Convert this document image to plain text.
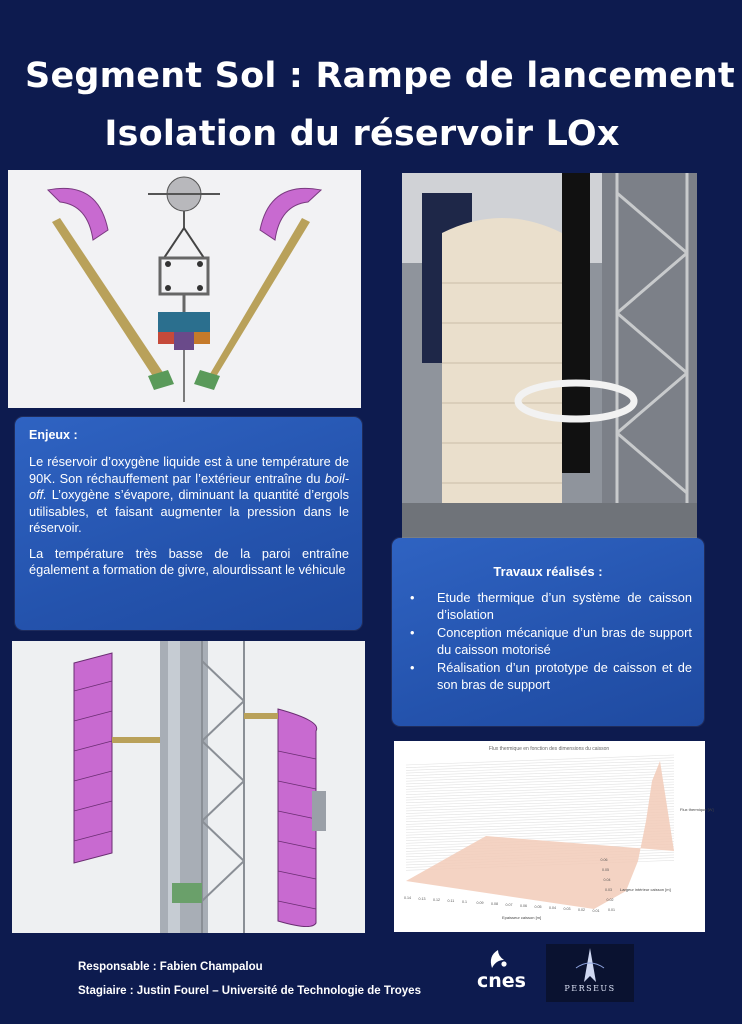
Segment Sol : Rampe de lancement
Isolation du réservoir LOx
Enjeux :

Le réservoir d’oxygène liquide est à une température de 90K. Son réchauffement par l’extérieur entraîne du boil-off. L’oxygène s’évapore, diminuant la quantité d’ergols utilisables, et faisant augmenter la pression dans le réservoir.

La température très basse de la paroi entraîne également a formation de givre, alourdissant le véhicule	Travaux réalisés :
• Etude thermique d’un système de caisson d’isolation
• Conception mécanique d’un bras de support du caisson motorisé
• Réalisation d’un prototype de caisson et de son bras de support
Flux thermique en fonction des dimensions du caisson
0.14 0.13 0.12 0.11 0.1	0.09 0.08 0.07 0.06 0.05 0.04 0.03 0.02 0.01 0.01
0.02
0.03
0.04
0.05
0.06
Flux thermique [W]
Largeur intérieur caisson [m]
Epaisseur caisson [m]
Responsable : Fabien Champalou
Stagiaire : Justin Fourel – Université de Technologie de Troyes	cnes	PERSEUS
